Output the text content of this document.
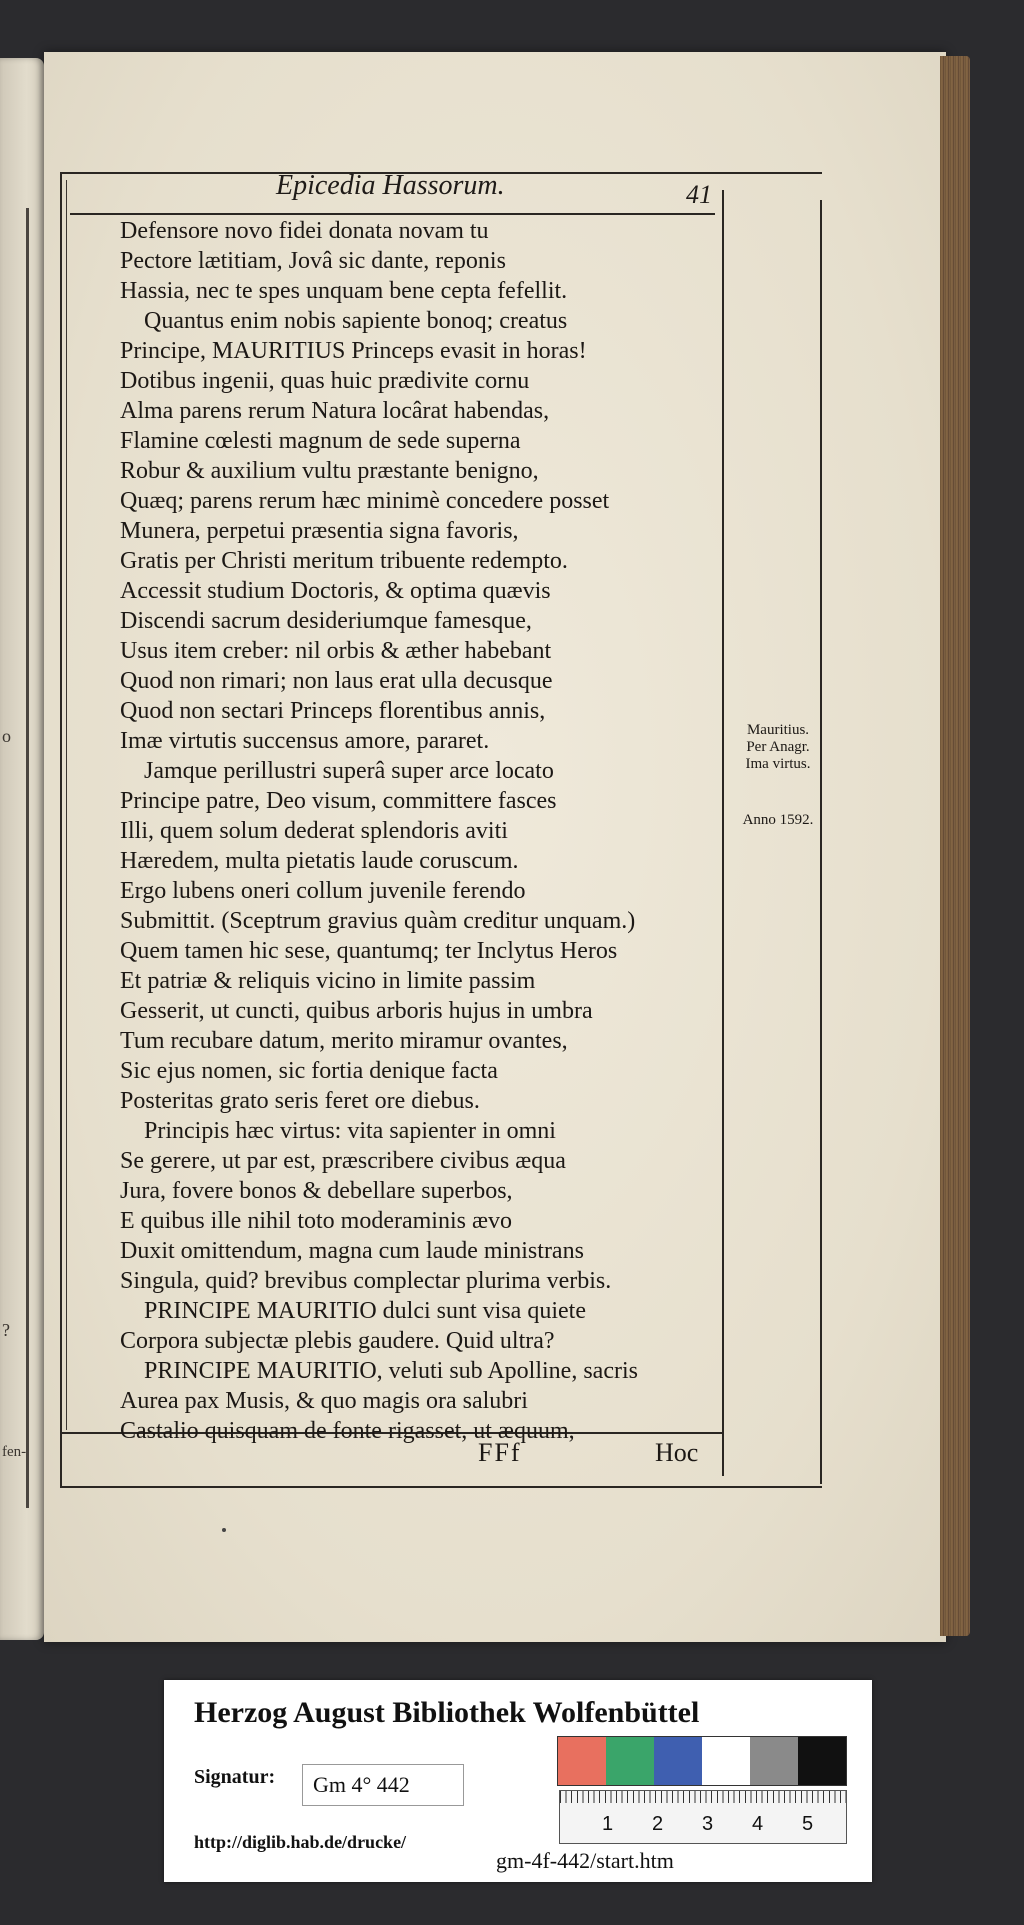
o
?
fen-
Epicedia Hassorum.	41
Defensore novo fidei donata novam tu
Pectore lætitiam, Jovâ sic dante, reponis
Hassia, nec te spes unquam bene cepta fefellit.
Quantus enim nobis sapiente bonoq; creatus
Principe, MAURITIUS Princeps evasit in horas!
Dotibus ingenii, quas huic prædivite cornu
Alma parens rerum Natura locârat habendas,
Flamine cœlesti magnum de sede superna
Robur & auxilium vultu præstante benigno,
Quæq; parens rerum hæc minimè concedere posset
Munera, perpetui præsentia signa favoris,
Gratis per Christi meritum tribuente redempto.
Accessit studium Doctoris, & optima quævis
Discendi sacrum desideriumque famesque,
Usus item creber: nil orbis & æther habebant
Quod non rimari; non laus erat ulla decusque
Quod non sectari Princeps florentibus annis,
Imæ virtutis succensus amore, pararet.
Jamque perillustri superâ super arce locato
Principe patre, Deo visum, committere fasces
Illi, quem solum dederat splendoris aviti
Hæredem, multa pietatis laude coruscum.
Ergo lubens oneri collum juvenile ferendo
Submittit. (Sceptrum gravius quàm creditur unquam.)
Quem tamen hic sese, quantumq; ter Inclytus Heros
Et patriæ & reliquis vicino in limite passim
Gesserit, ut cuncti, quibus arboris hujus in umbra
Tum recubare datum, merito miramur ovantes,
Sic ejus nomen, sic fortia denique facta
Posteritas grato seris feret ore diebus.
Principis hæc virtus: vita sapienter in omni
Se gerere, ut par est, præscribere civibus æqua
Jura, fovere bonos & debellare superbos,
E quibus ille nihil toto moderaminis ævo
Duxit omittendum, magna cum laude ministrans
Singula, quid? brevibus complectar plurima verbis.
PRINCIPE MAURITIO dulci sunt visa quiete
Corpora subjectæ plebis gaudere. Quid ultra?
PRINCIPE MAURITIO, veluti sub Apolline, sacris
Aurea pax Musis, & quo magis ora salubri
Castalio quisquam de fonte rigasset, ut æquum,
Mauritius.
Per Anagr.
Ima virtus.
Anno 1592.
FFf	Hoc
Herzog August Bibliothek Wolfenbüttel
Signatur:	Gm 4° 442
http://diglib.hab.de/drucke/
1 2 3 4 5
gm-4f-442/start.htm
